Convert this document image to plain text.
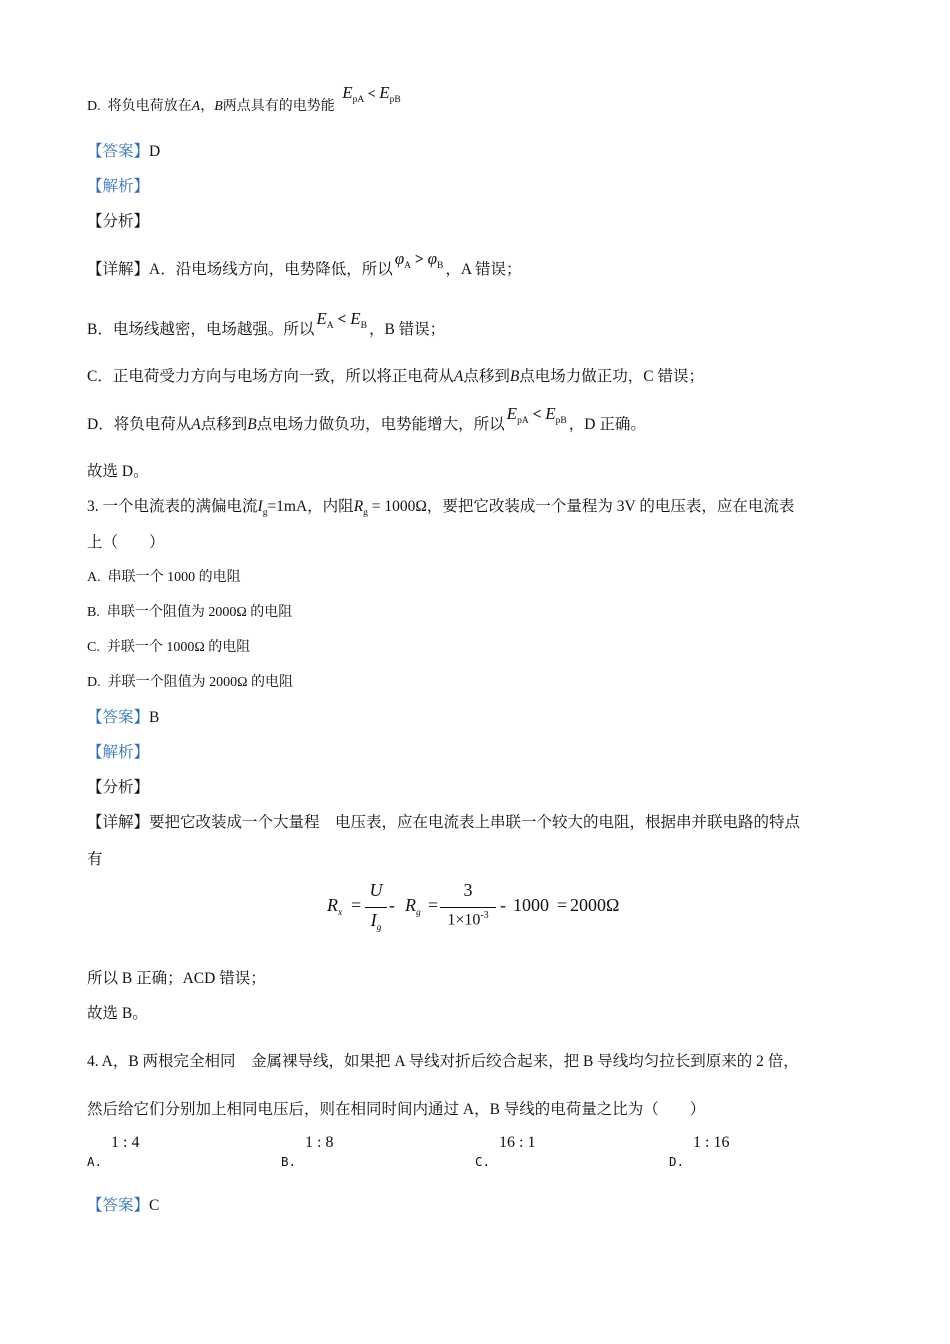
D. 将负电荷放在A，B两点具有的电势能 $E_{pA} < E_{pB}$
【答案】D
【解析】
【分析】
【详解】A．沿电场线方向，电势降低，所以$\varphi_A > \varphi_B$ ，A 错误；
B．电场线越密，电场越强。所以$E_A < E_B$ ，B 错误；
C．正电荷受力方向与电场方向一致，所以将正电荷从A点移到B点电场力做正功，C 错误；
D．将负电荷从A点移到B点电场力做负功，电势能增大，所以$E_{pA} < E_{pB}$ ，D 正确。
故选 D。
3. 一个电流表的满偏电流$I_g=1mA$，内阻$R_g = 1000\Omega$，要把它改装成一个量程为 3V 的电压表，应在电流表
上（　　）
A. 串联一个 1000 的电阻
B. 串联一个阻值为 2000Ω 的电阻
C. 并联一个 1000Ω 的电阻
D. 并联一个阻值为 2000Ω 的电阻
【答案】B
【解析】
【分析】
【详解】要把它改装成一个大量程　电压表，应在电流表上串联一个较大的电阻，根据串并联电路的特点
有
$R_x$ =
U
$I_g$
- $R_g$ =
3
$1\times 10^{-3}$
- 1000 = 2000Ω
所以 B 正确；ACD 错误；
故选 B。
4. A，B 两根完全相同　金属裸导线，如果把 A 导线对折后绞合起来，把 B 导线均匀拉长到原来的 2 倍，
然后给它们分别加上相同电压后，则在相同时间内通过 A，B 导线的电荷量之比为（　　）
A.
1 : 4
B.
1 : 8
C.
16 : 1
D.
1 : 16
【答案】C
